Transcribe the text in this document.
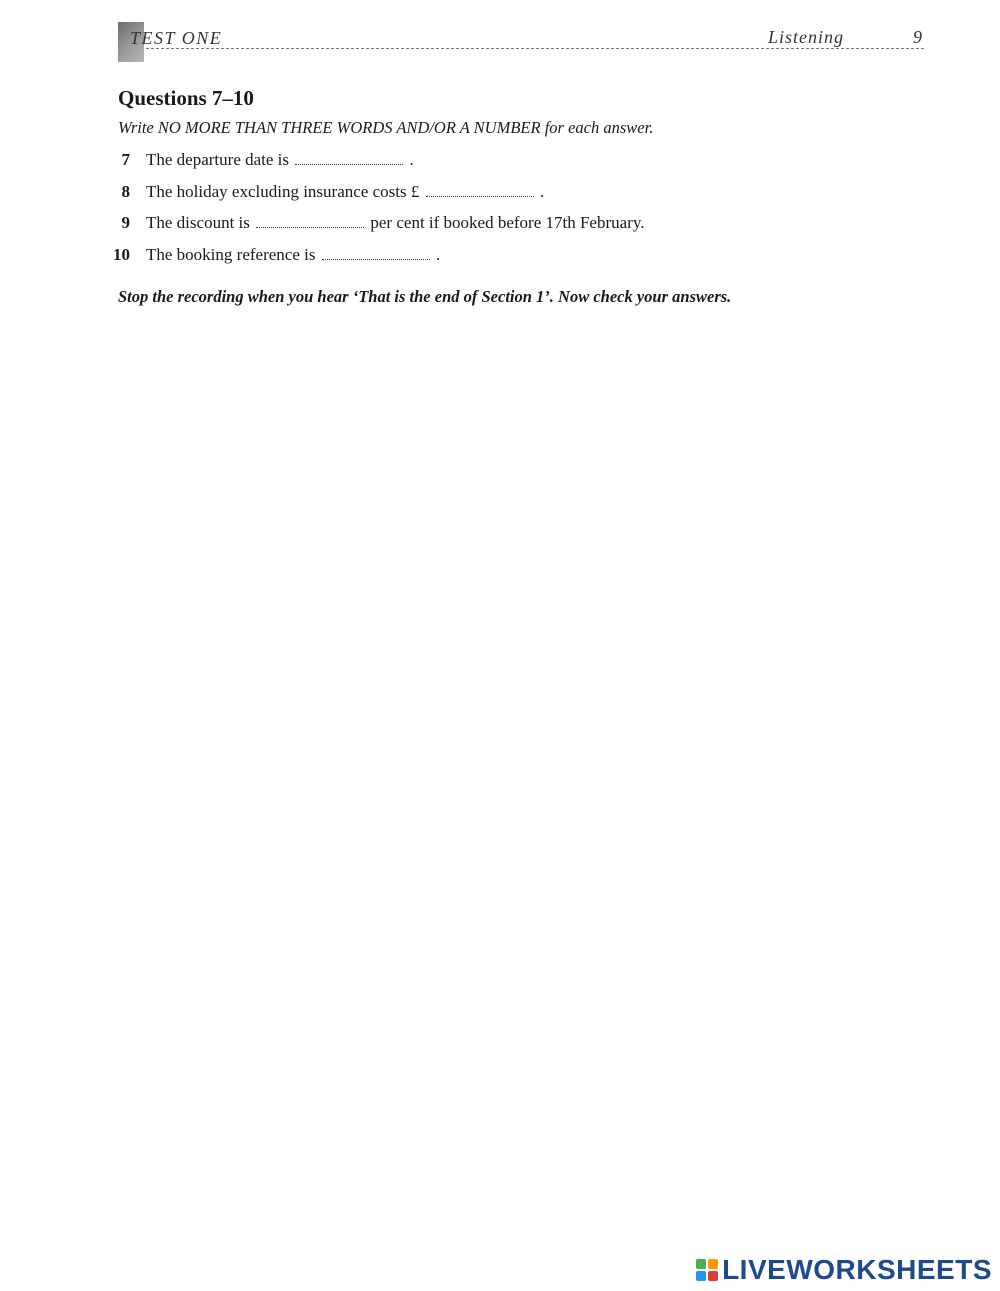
TEST ONE	Listening	9
Questions 7–10
Write NO MORE THAN THREE WORDS AND/OR A NUMBER for each answer.
7 The departure date is	.
8 The holiday excluding insurance costs £	.
9 The discount is	per cent if booked before 17th February.
10 The booking reference is	.
Stop the recording when you hear ‘That is the end of Section 1’. Now check your answers.
LIVEWORKSHEETS
